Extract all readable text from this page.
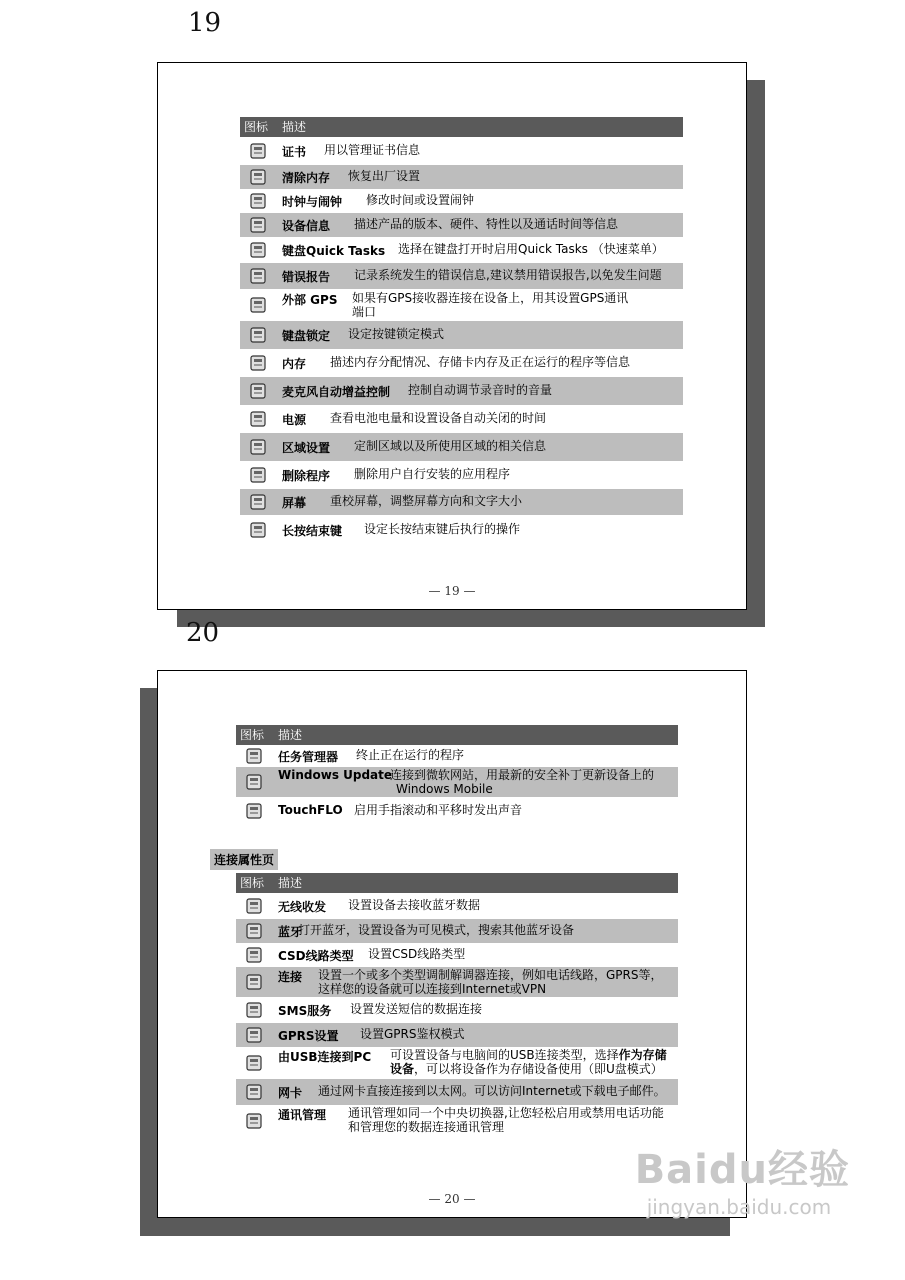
19
图标 描述
证书 用以管理证书信息
清除内存 恢复出厂设置
时钟与闹钟 修改时间或设置闹钟
设备信息 描述产品的版本、硬件、特性以及通话时间等信息
键盘Quick Tasks 选择在键盘打开时启用Quick Tasks （快速菜单）
错误报告 记录系统发生的错误信息,建议禁用错误报告,以免发生问题
外部 GPS 如果有GPS接收器连接在设备上，用其设置GPS通讯
端口
键盘锁定 设定按键锁定模式
内存 描述内存分配情况、存储卡内存及正在运行的程序等信息
麦克风自动增益控制 控制自动调节录音时的音量
电源 查看电池电量和设置设备自动关闭的时间
区域设置 定制区域以及所使用区域的相关信息
删除程序 删除用户自行安装的应用程序
屏幕 重校屏幕，调整屏幕方向和文字大小
长按结束键 设定长按结束键后执行的操作
— 19 —
20
图标 描述
任务管理器 终止正在运行的程序
Windows Update
连接到微软网站，用最新的安全补丁更新设备上的
Windows Mobile
TouchFLO 启用手指滚动和平移时发出声音
连接属性页
图标 描述
无线收发 设置设备去接收蓝牙数据
蓝牙
打开蓝牙，设置设备为可见模式，搜索其他蓝牙设备
CSD线路类型 设置CSD线路类型
连接 设置一个或多个类型调制解调器连接，例如电话线路，GPRS等，
这样您的设备就可以连接到Internet或VPN
SMS服务 设置发送短信的数据连接
GPRS设置 设置GPRS鉴权模式
由USB连接到PC 可设置设备与电脑间的USB连接类型，选择作为存储
设备，可以将设备作为存储设备使用（即U盘模式）
网卡 通过网卡直接连接到以太网。可以访问Internet或下载电子邮件。
通讯管理 通讯管理如同一个中央切换器,让您轻松启用或禁用电话功能
和管理您的数据连接通讯管理
— 20 —
Baidu经验
jingyan.baidu.com
